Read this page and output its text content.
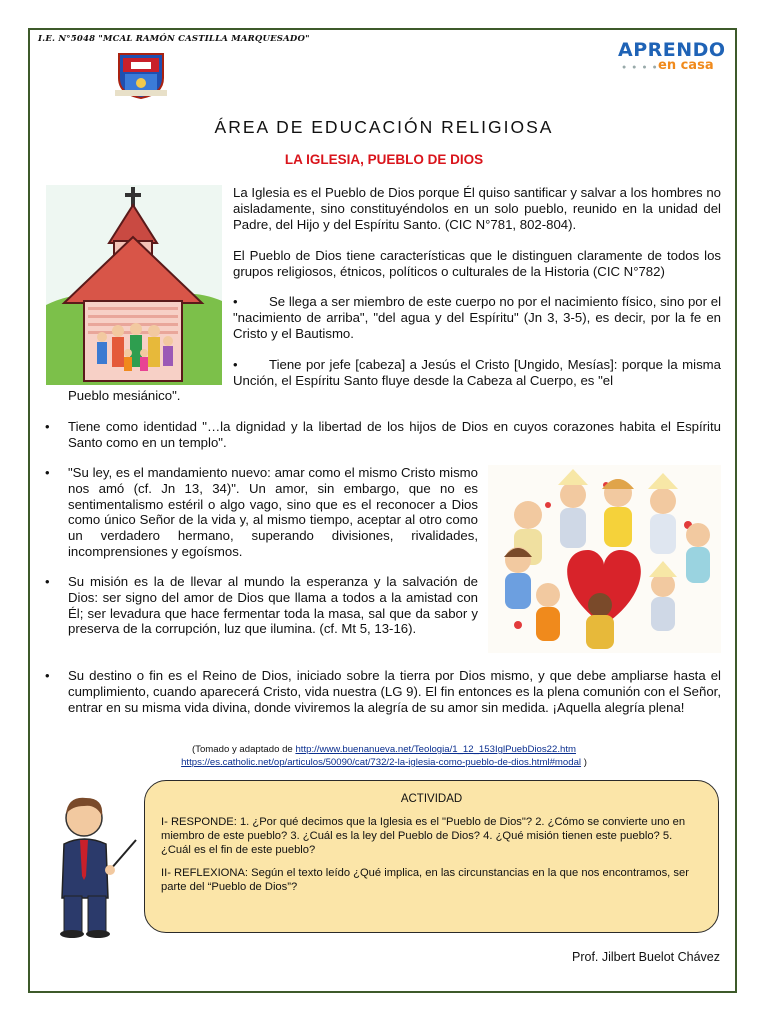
I.E. N°5048 "MCAL RAMÓN CASTILLA MARQUESADO"	APRENDO
● ● ● ● en casa
ÁREA DE EDUCACIÓN RELIGIOSA
LA IGLESIA, PUEBLO DE DIOS
La Iglesia es el Pueblo de Dios porque Él quiso santificar y salvar a los hombres no aisladamente, sino constituyéndolos en un solo pueblo, reunido en la unidad del Padre, del Hijo y del Espíritu Santo. (CIC N°781, 802-804).
El Pueblo de Dios tiene características que le distinguen claramente de todos los grupos religiosos, étnicos, políticos o culturales de la Historia (CIC N°782)
•	Se llega a ser miembro de este cuerpo no por el nacimiento físico, sino por el "nacimiento de arriba", "del agua y del Espíritu" (Jn 3, 3-5), es decir, por la fe en Cristo y el Bautismo.
•	Tiene por jefe [cabeza] a Jesús el Cristo [Ungido, Mesías]: porque la misma Unción, el Espíritu Santo fluye desde la Cabeza al Cuerpo, es "el
Pueblo mesiánico".
• Tiene como identidad "…la dignidad y la libertad de los hijos de Dios en cuyos corazones habita el Espíritu Santo como en un templo".
• "Su ley, es el mandamiento nuevo: amar como el mismo Cristo mismo nos amó (cf. Jn 13, 34)". Un amor, sin embargo, que no es sentimentalismo estéril o algo vago, sino que es el reconocer a Dios como único Señor de la vida y, al mismo tiempo, aceptar al otro como un verdadero hermano, superando divisiones, rivalidades, incomprensiones y egoísmos.
• Su misión es la de llevar al mundo la esperanza y la salvación de Dios: ser signo del amor de Dios que llama a todos a la amistad con Él; ser levadura que hace fermentar toda la masa, sal que da sabor y preserva de la corrupción, luz que ilumina. (cf. Mt 5, 13-16).
• Su destino o fin es el Reino de Dios, iniciado sobre la tierra por Dios mismo, y que debe ampliarse hasta el cumplimiento, cuando aparecerá Cristo, vida nuestra (LG 9). El fin entonces es la plena comunión con el Señor, entrar en su misma vida divina, donde viviremos la alegría de su amor sin medida. ¡Aquella alegría plena!
(Tomado y adaptado de http://www.buenanueva.net/Teologia/1_12_153IglPuebDios22.htm
https://es.catholic.net/op/articulos/50090/cat/732/2-la-iglesia-como-pueblo-de-dios.html#modal )
ACTIVIDAD

I- RESPONDE: 1. ¿Por qué decimos que la Iglesia es el "Pueblo de Dios"? 2. ¿Cómo se convierte uno en miembro de este pueblo? 3. ¿Cuál es la ley del Pueblo de Dios? 4. ¿Qué misión tienen este pueblo? 5. ¿Cuál es el fin de este pueblo?

II- REFLEXIONA: Según el texto leído ¿Qué implica, en las circunstancias en la que nos encontramos, ser parte del “Pueblo de Dios”?

Prof. Jilbert Buelot Chávez
